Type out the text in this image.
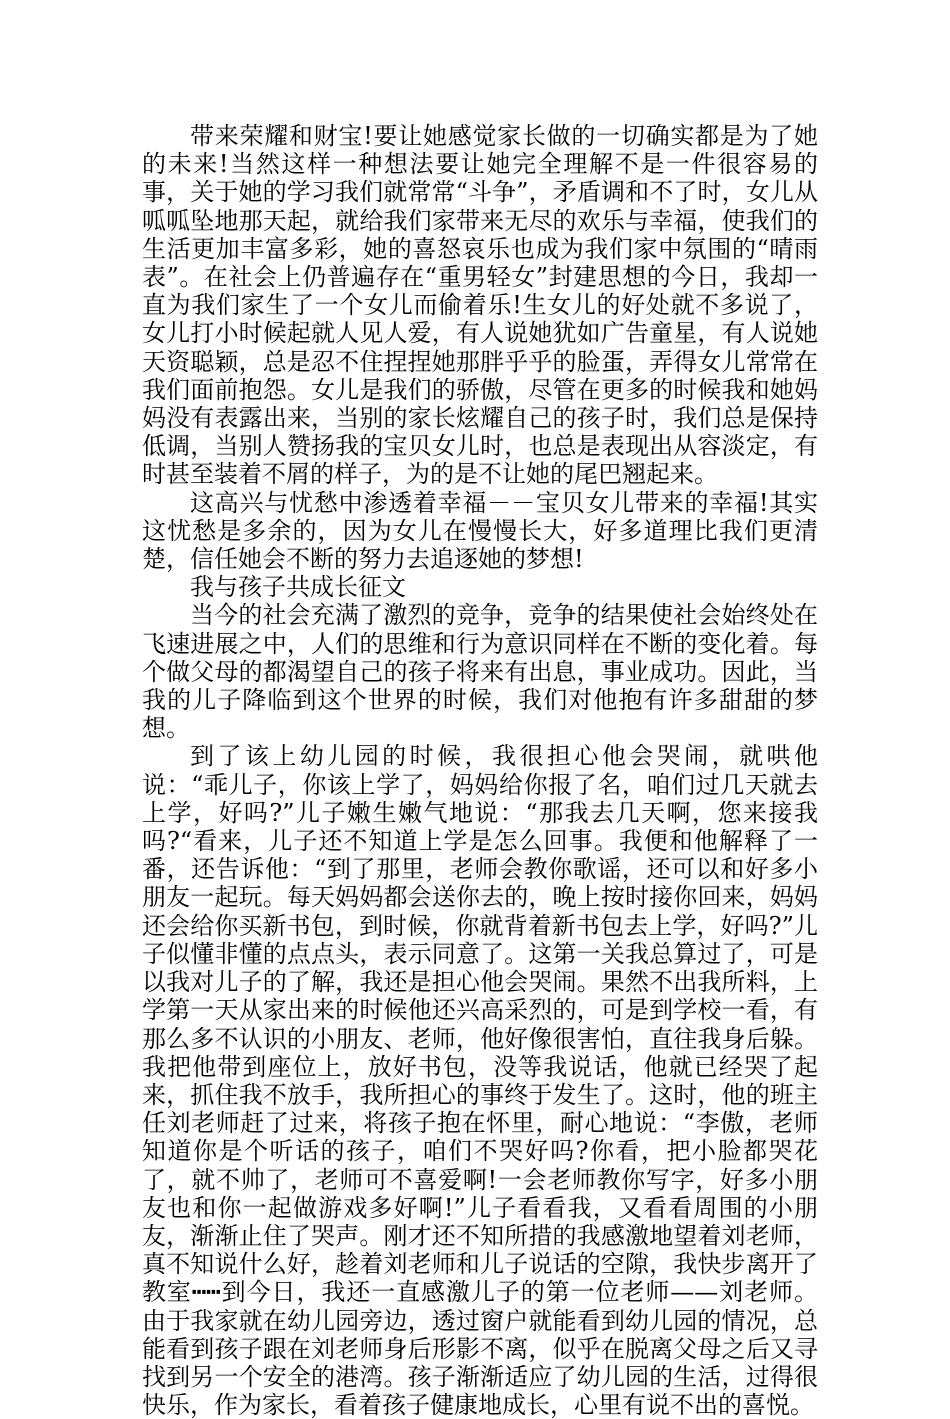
带来荣耀和财宝!要让她感觉家长做的一切确实都是为了她的未来!当然这样一种想法要让她完全理解不是一件很容易的事，关于她的学习我们就常常“斗争”，矛盾调和不了时，女儿从呱呱坠地那天起，就给我们家带来无尽的欢乐与幸福，使我们的生活更加丰富多彩，她的喜怒哀乐也成为我们家中氛围的“晴雨表”。在社会上仍普遍存在“重男轻女”封建思想的今日，我却一直为我们家生了一个女儿而偷着乐!生女儿的好处就不多说了，女儿打小时候起就人见人爱，有人说她犹如广告童星，有人说她天资聪颖，总是忍不住捏捏她那胖乎乎的脸蛋，弄得女儿常常在我们面前抱怨。女儿是我们的骄傲，尽管在更多的时候我和她妈妈没有表露出来，当别的家长炫耀自己的孩子时，我们总是保持低调，当别人赞扬我的宝贝女儿时，也总是表现出从容淡定，有时甚至装着不屑的样子，为的是不让她的尾巴翘起来。

这高兴与忧愁中渗透着幸福－－宝贝女儿带来的幸福!其实这忧愁是多余的，因为女儿在慢慢长大，好多道理比我们更清楚，信任她会不断的努力去追逐她的梦想!

我与孩子共成长征文

当今的社会充满了激烈的竞争，竞争的结果使社会始终处在飞速进展之中，人们的思维和行为意识同样在不断的变化着。每个做父母的都渴望自己的孩子将来有出息，事业成功。因此，当我的儿子降临到这个世界的时候，我们对他抱有许多甜甜的梦想。

到了该上幼儿园的时候，我很担心他会哭闹，就哄他说：“乖儿子，你该上学了，妈妈给你报了名，咱们过几天就去上学，好吗?”儿子嫩生嫩气地说：“那我去几天啊，您来接我吗?“看来，儿子还不知道上学是怎么回事。我便和他解释了一番，还告诉他：“到了那里，老师会教你歌谣，还可以和好多小朋友一起玩。每天妈妈都会送你去的，晚上按时接你回来，妈妈还会给你买新书包，到时候，你就背着新书包去上学，好吗?”儿子似懂非懂的点点头，表示同意了。这第一关我总算过了，可是以我对儿子的了解，我还是担心他会哭闹。果然不出我所料，上学第一天从家出来的时候他还兴高采烈的，可是到学校一看，有那么多不认识的小朋友、老师，他好像很害怕，直往我身后躲。我把他带到座位上，放好书包，没等我说话，他就已经哭了起来，抓住我不放手，我所担心的事终于发生了。这时，他的班主任刘老师赶了过来，将孩子抱在怀里，耐心地说：“李傲，老师知道你是个听话的孩子，咱们不哭好吗?你看，把小脸都哭花了，就不帅了，老师可不喜爱啊!一会老师教你写字，好多小朋友也和你一起做游戏多好啊!”儿子看看我，又看看周围的小朋友，渐渐止住了哭声。刚才还不知所措的我感激地望着刘老师，真不知说什么好，趁着刘老师和儿子说话的空隙，我快步离开了教室┅┅到今日，我还一直感激儿子的第一位老师——刘老师。由于我家就在幼儿园旁边，透过窗户就能看到幼儿园的情况，总能看到孩子跟在刘老师身后形影不离，似乎在脱离父母之后又寻找到另一个安全的港湾。孩子渐渐适应了幼儿园的生活，过得很快乐，作为家长，看着孩子健康地成长，心里有说不出的喜悦。
